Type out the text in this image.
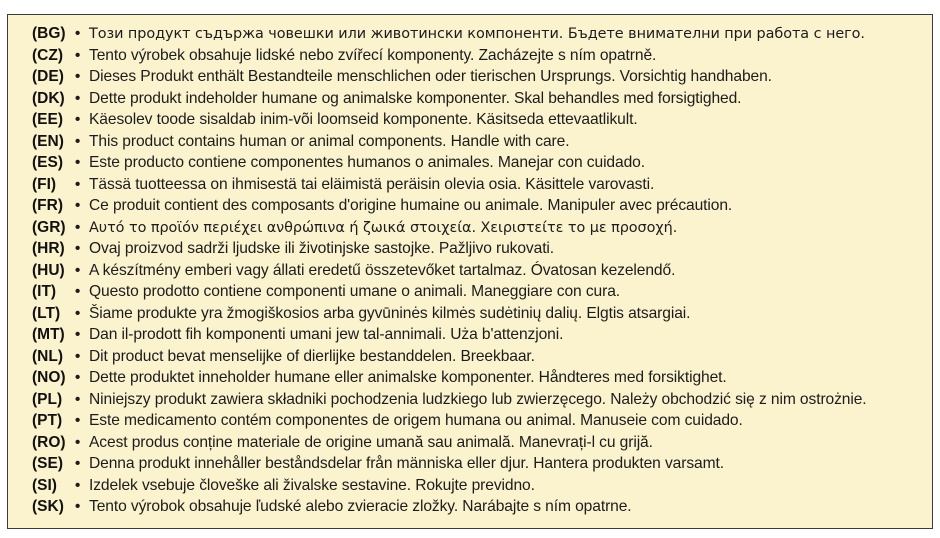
(BG) • Този продукт съдържа човешки или животински компоненти. Бъдете внимателни при работа с него.
(CZ) • Tento výrobek obsahuje lidské nebo zvířecí komponenty. Zacházejte s ním opatrně.
(DE) • Dieses Produkt enthält Bestandteile menschlichen oder tierischen Ursprungs. Vorsichtig handhaben.
(DK) • Dette produkt indeholder humane og animalske komponenter. Skal behandles med forsigtighed.
(EE) • Käesolev toode sisaldab inim-või loomseid komponente. Käsitseda ettevaatlikult.
(EN) • This product contains human or animal components. Handle with care.
(ES) • Este producto contiene componentes humanos o animales. Manejar con cuidado.
(FI)	• Tässä tuotteessa on ihmisestä tai eläimistä peräisin olevia osia. Käsittele varovasti.
(FR) • Ce produit contient des composants d'origine humaine ou animale. Manipuler avec précaution.
(GR) • Αυτό το προϊόν περιέχει ανθρώπινα ή ζωικά στοιχεία. Χειριστείτε το με προσοχή.
(HR) • Ovaj proizvod sadrži ljudske ili životinjske sastojke. Pažljivo rukovati.
(HU) • A készítmény emberi vagy állati eredetű összetevőket tartalmaz. Óvatosan kezelendő.
(IT)	• Questo prodotto contiene componenti umane o animali. Maneggiare con cura.
(LT) • Šiame produkte yra žmogiškosios arba gyvūninės kilmės sudėtinių dalių. Elgtis atsargiai.
(MT) • Dan il-prodott fih komponenti umani jew tal-annimali. Uża b'attenzjoni.
(NL) • Dit product bevat menselijke of dierlijke bestanddelen. Breekbaar.
(NO) • Dette produktet inneholder humane eller animalske komponenter. Håndteres med forsiktighet.
(PL) • Niniejszy produkt zawiera składniki pochodzenia ludzkiego lub zwierzęcego. Należy obchodzić się z nim ostrożnie.
(PT) • Este medicamento contém componentes de origem humana ou animal. Manuseie com cuidado.
(RO) • Acest produs conține materiale de origine umană sau animală. Manevrați-l cu grijă.
(SE) • Denna produkt innehåller beståndsdelar från människa eller djur. Hantera produkten varsamt.
(SI)	• Izdelek vsebuje človeške ali živalske sestavine. Rokujte previdno.
(SK) • Tento výrobok obsahuje ľudské alebo zvieracie zložky. Narábajte s ním opatrne.
